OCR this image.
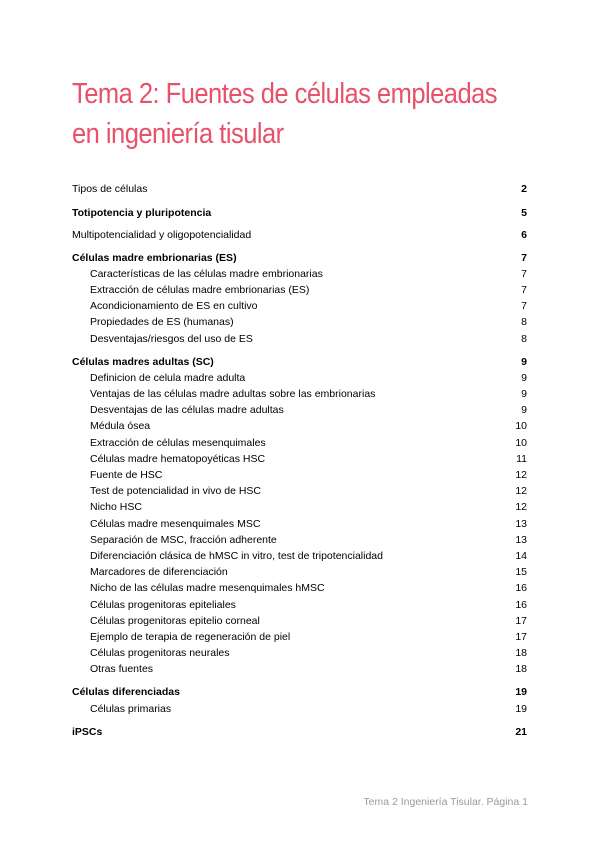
Tema 2: Fuentes de células empleadas en ingeniería tisular
Tipos de células	2
Totipotencia y pluripotencia	5
Multipotencialidad y oligopotencialidad	6
Células madre embrionarias (ES)	7
Características de las células madre embrionarias	7
Extracción de células madre embrionarias (ES)	7
Acondicionamiento de ES en cultivo	7
Propiedades de ES (humanas)	8
Desventajas/riesgos del uso de ES	8
Células madres adultas (SC)	9
Definicion de celula madre adulta	9
Ventajas de las células madre adultas sobre las embrionarias	9
Desventajas de las células madre adultas	9
Médula ósea	10
Extracción de células mesenquimales	10
Células madre hematopoyéticas HSC	11
Fuente de HSC	12
Test de potencialidad in vivo de HSC	12
Nicho HSC	12
Células madre mesenquimales MSC	13
Separación de MSC, fracción adherente	13
Diferenciación clásica de hMSC in vitro, test de tripotencialidad	14
Marcadores de diferenciación	15
Nicho de las células madre mesenquimales hMSC	16
Células progenitoras epiteliales	16
Células progenitoras epitelio corneal	17
Ejemplo de terapia de regeneración de piel	17
Células progenitoras neurales	18
Otras fuentes	18
Células diferenciadas	19
Células primarias	19
iPSCs	21
Tema 2 Ingeniería Tisular. Página 1
